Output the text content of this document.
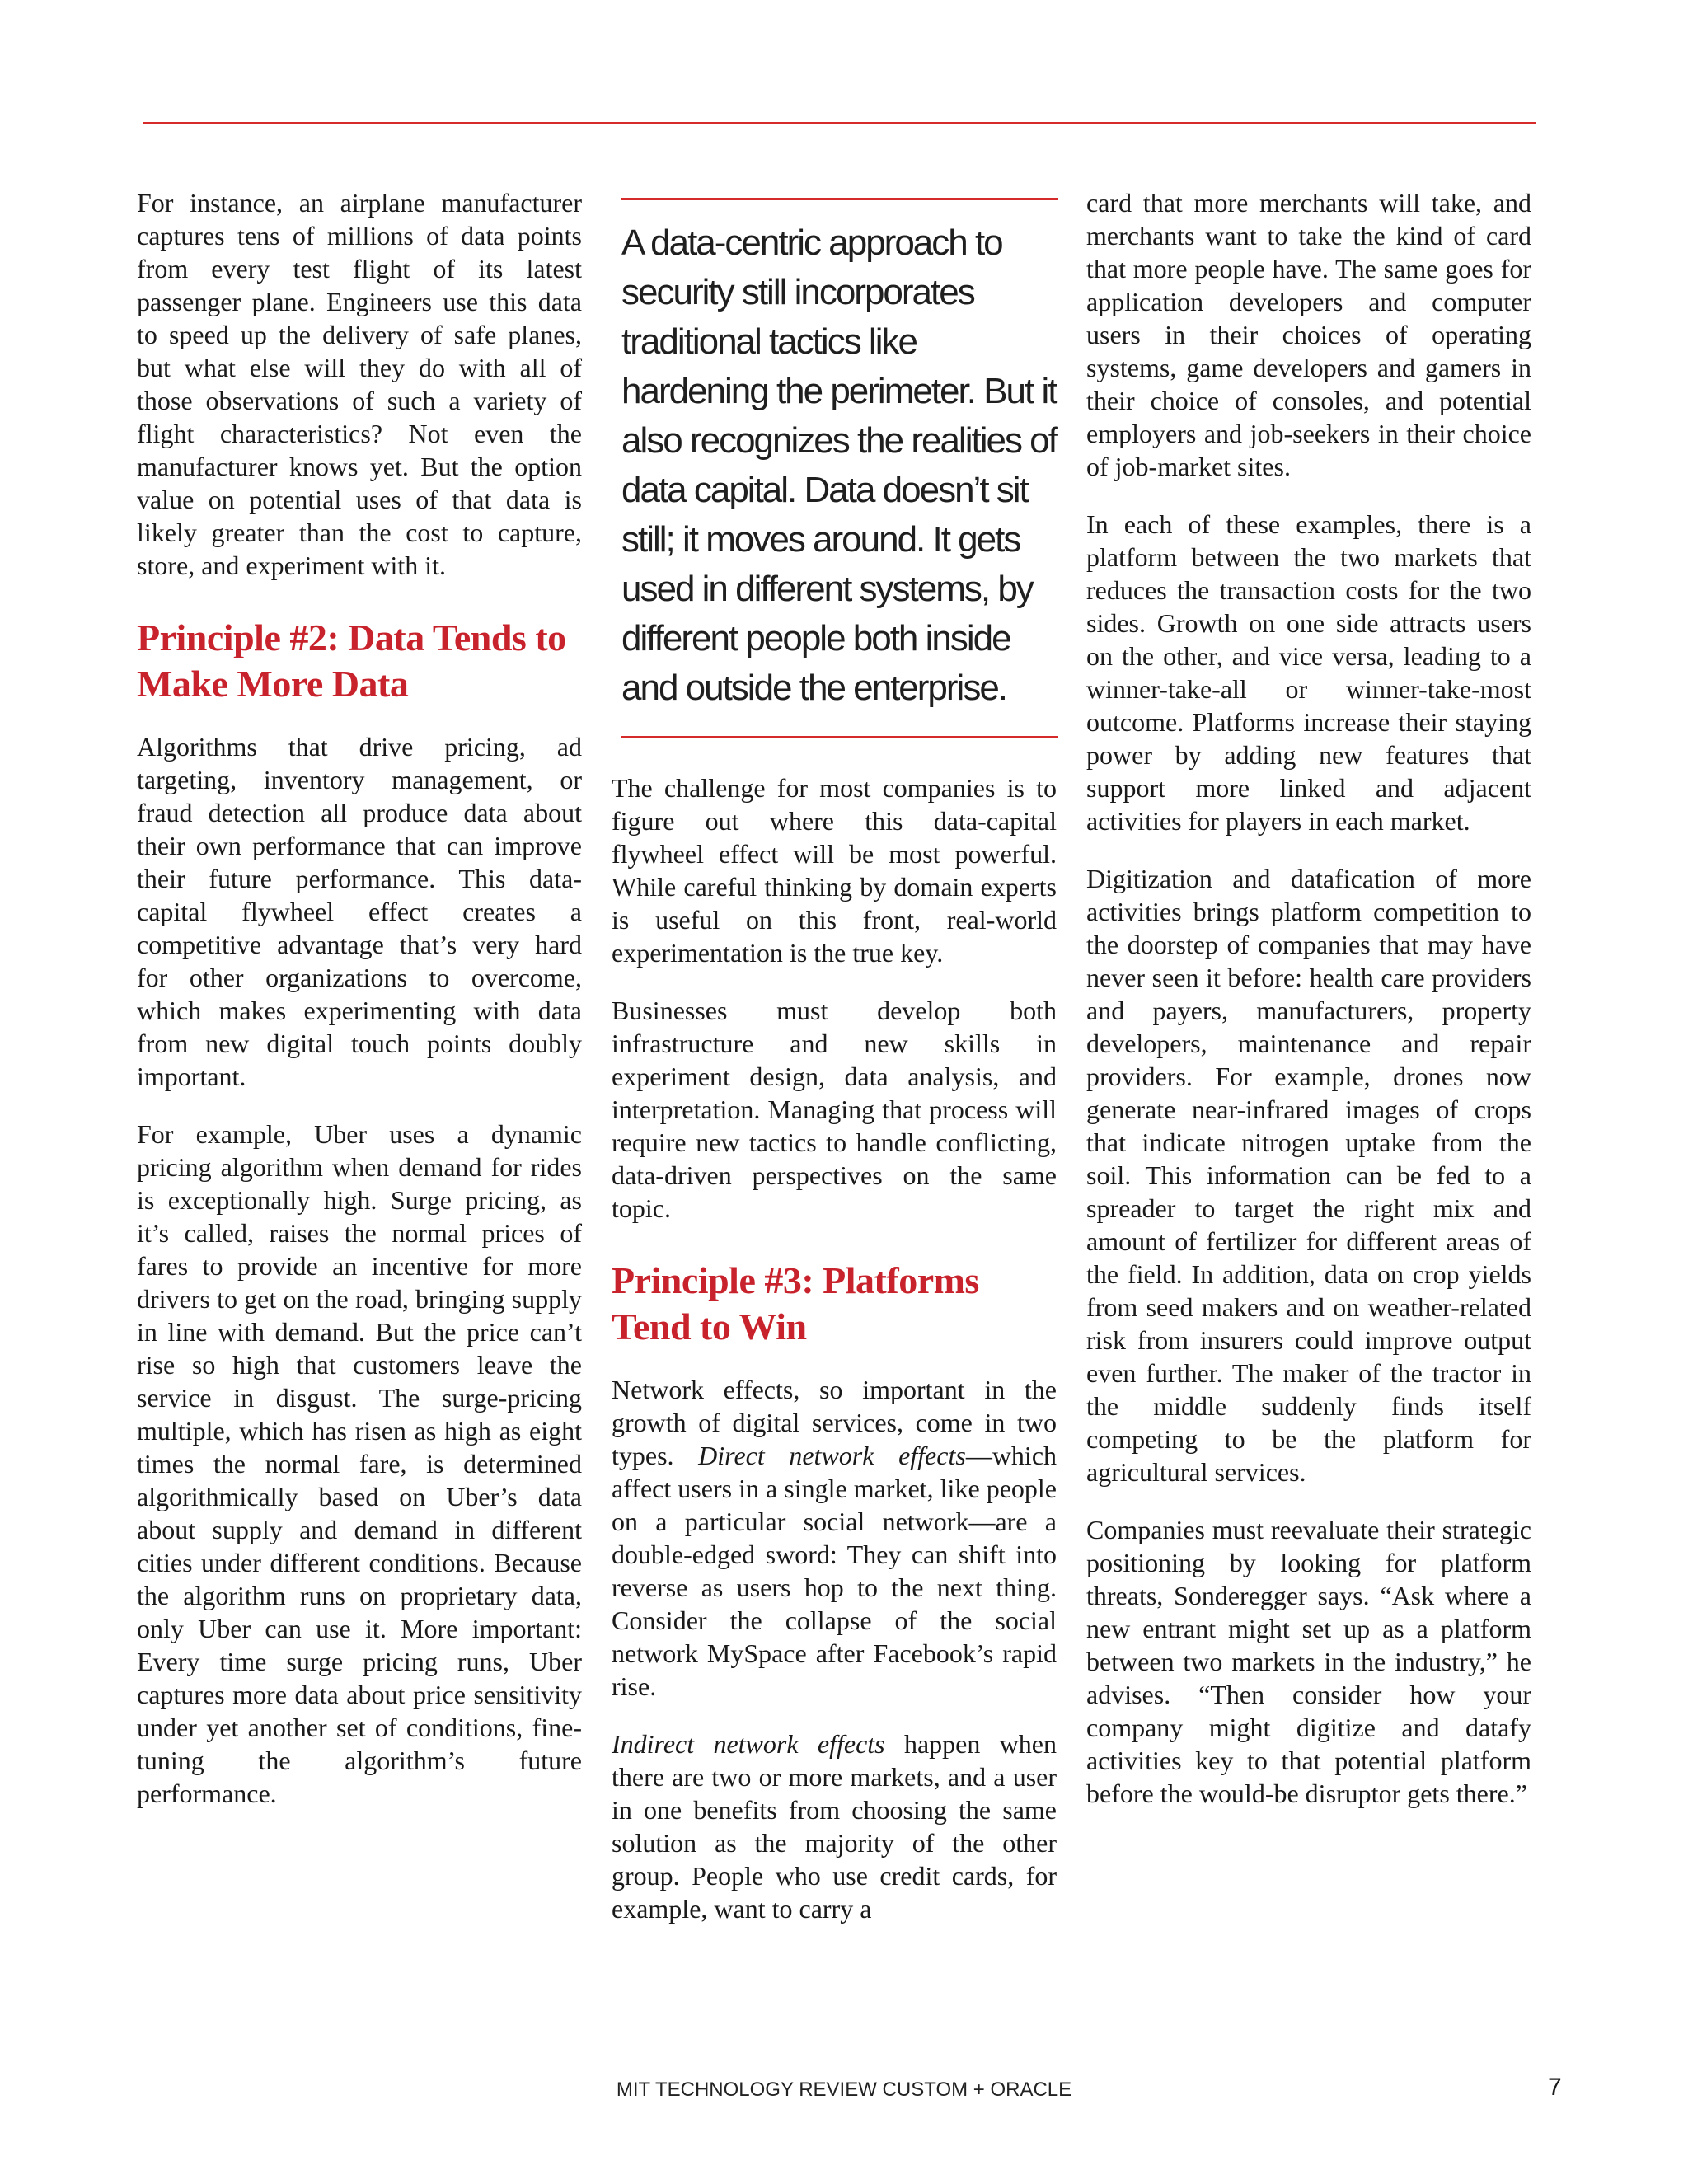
For instance, an airplane manufacturer captures tens of millions of data points from every test flight of its latest passenger plane. Engineers use this data to speed up the delivery of safe planes, but what else will they do with all of those observations of such a variety of flight characteristics? Not even the manufacturer knows yet. But the option value on potential uses of that data is likely greater than the cost to capture, store, and experiment with it.

Principle #2: Data Tends to Make More Data

Algorithms that drive pricing, ad targeting, inventory management, or fraud detection all produce data about their own performance that can improve their future performance. This data-capital flywheel effect creates a competitive advantage that’s very hard for other organizations to overcome, which makes experimenting with data from new digital touch points doubly important.

For example, Uber uses a dynamic pricing algorithm when demand for rides is exceptionally high. Surge pricing, as it’s called, raises the normal prices of fares to provide an incentive for more drivers to get on the road, bringing supply in line with demand. But the price can’t rise so high that customers leave the service in disgust. The surge-pricing multiple, which has risen as high as eight times the normal fare, is determined algorithmically based on Uber’s data about supply and demand in different cities under different conditions. Because the algorithm runs on proprietary data, only Uber can use it. More important: Every time surge pricing runs, Uber captures more data about price sensitivity under yet another set of conditions, fine-tuning the algorithm’s future performance.

A data-centric approach to security still incorporates traditional tactics like hardening the perimeter. But it also recognizes the realities of data capital. Data doesn’t sit still; it moves around. It gets used in different systems, by different people both inside and outside the enterprise.

The challenge for most companies is to figure out where this data-capital flywheel effect will be most powerful. While careful thinking by domain experts is useful on this front, real-world experimentation is the true key.

Businesses must develop both infrastructure and new skills in experiment design, data analysis, and interpretation. Managing that process will require new tactics to handle conflicting, data-driven perspectives on the same topic.

Principle #3: Platforms Tend to Win

Network effects, so important in the growth of digital services, come in two types. Direct network effects—which affect users in a single market, like people on a particular social network—are a double-edged sword: They can shift into reverse as users hop to the next thing. Consider the collapse of the social network MySpace after Facebook’s rapid rise.

Indirect network effects happen when there are two or more markets, and a user in one benefits from choosing the same solution as the majority of the other group. People who use credit cards, for example, want to carry a

card that more merchants will take, and merchants want to take the kind of card that more people have. The same goes for application developers and computer users in their choices of operating systems, game developers and gamers in their choice of consoles, and potential employers and job-seekers in their choice of job-market sites.

In each of these examples, there is a platform between the two markets that reduces the transaction costs for the two sides. Growth on one side attracts users on the other, and vice versa, leading to a winner-take-all or winner-take-most outcome. Platforms increase their staying power by adding new features that support more linked and adjacent activities for players in each market.

Digitization and datafication of more activities brings platform competition to the doorstep of companies that may have never seen it before: health care providers and payers, manufacturers, property developers, maintenance and repair providers. For example, drones now generate near-infrared images of crops that indicate nitrogen uptake from the soil. This information can be fed to a spreader to target the right mix and amount of fertilizer for different areas of the field. In addition, data on crop yields from seed makers and on weather-related risk from insurers could improve output even further. The maker of the tractor in the middle suddenly finds itself competing to be the platform for agricultural services.

Companies must reevaluate their strategic positioning by looking for platform threats, Sonderegger says. “Ask where a new entrant might set up as a platform between two markets in the industry,” he advises. “Then consider how your company might digitize and datafy activities key to that potential platform before the would-be disruptor gets there.”

MIT TECHNOLOGY REVIEW CUSTOM + ORACLE	7
